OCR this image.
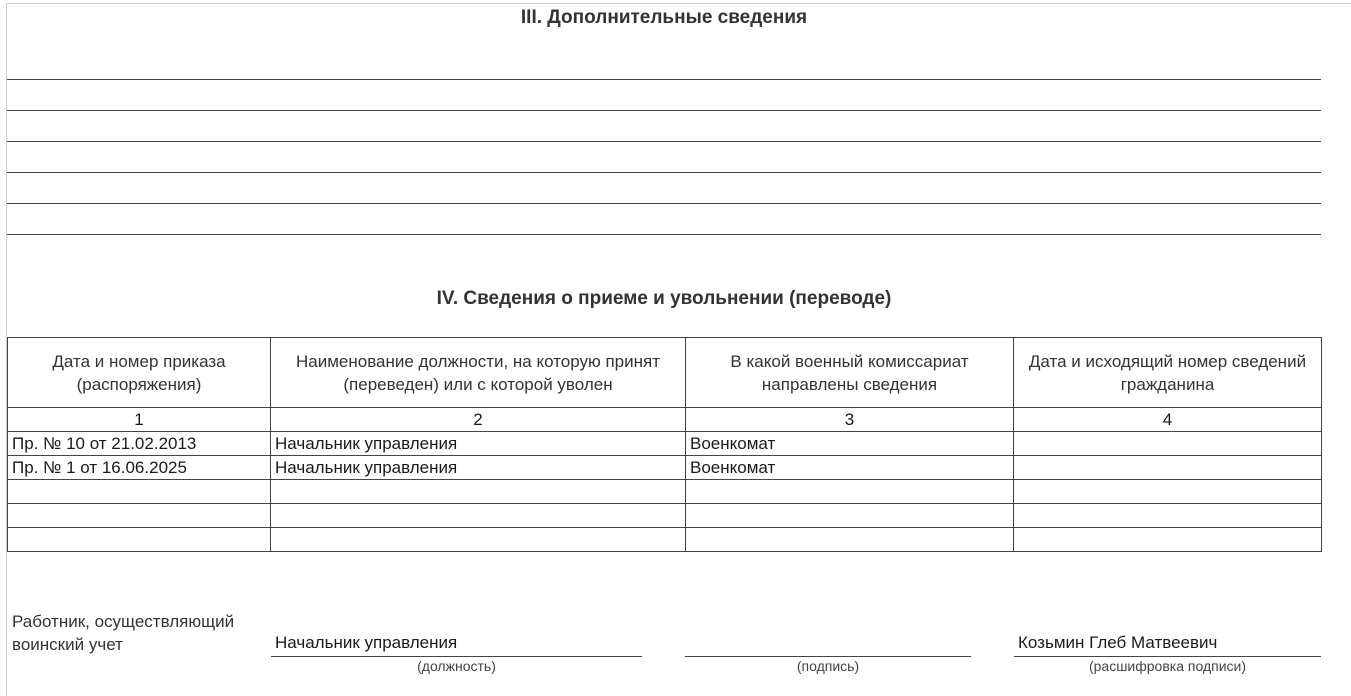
III. Дополнительные сведения
IV. Сведения о приеме и увольнении (переводе)
Дата и номер приказа (распоряжения)	Наименование должности, на которую принят (переведен) или с которой уволен	В какой военный комиссариат направлены сведения	Дата и исходящий номер сведений гражданина
1	2	3	4
Пр. № 10 от 21.02.2013	Начальник управления	Военкомат	
Пр. № 1 от 16.06.2025	Начальник управления	Военкомат	

Работник, осуществляющий
воинский учет	Начальник управления
(должность)	(подпись)
Козьмин Глеб Матвеевич
(расшифровка подписи)
